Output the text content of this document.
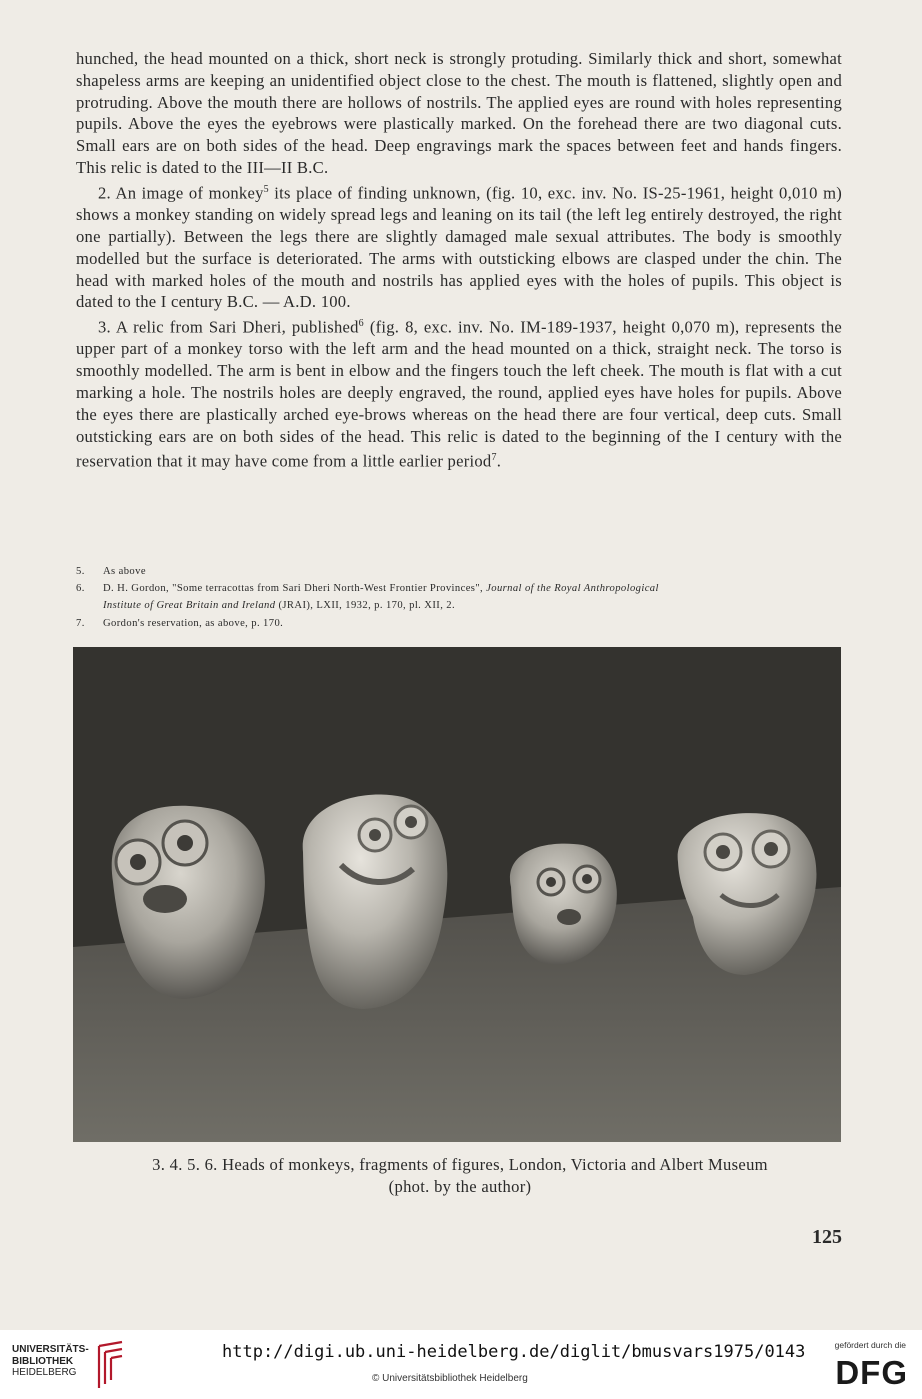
hunched, the head mounted on a thick, short neck is strongly protuding. Similarly thick and short, somewhat shapeless arms are keeping an unidentified object close to the chest. The mouth is flattened, slightly open and protruding. Above the mouth there are hollows of nostrils. The applied eyes are round with holes representing pupils. Above the eyes the eyebrows were plastically marked. On the forehead there are two diagonal cuts. Small ears are on both sides of the head. Deep engravings mark the spaces between feet and hands fingers. This relic is dated to the III—II B.C.

2. An image of monkey$^5$ its place of finding unknown, (fig. 10, exc. inv. No. IS-25-1961, height 0,010 m) shows a monkey standing on widely spread legs and leaning on its tail (the left leg entirely destroyed, the right one partially). Between the legs there are slightly damaged male sexual attributes. The body is smoothly modelled but the surface is deteriorated. The arms with outsticking elbows are clasped under the chin. The head with marked holes of the mouth and nostrils has applied eyes with the holes of pupils. This object is dated to the I century B.C. — A.D. 100.

3. A relic from Sari Dheri, published$^6$ (fig. 8, exc. inv. No. IM-189-1937, height 0,070 m), represents the upper part of a monkey torso with the left arm and the head mounted on a thick, straight neck. The torso is smoothly modelled. The arm is bent in elbow and the fingers touch the left cheek. The mouth is flat with a cut marking a hole. The nostrils holes are deeply engraved, the round, applied eyes have holes for pupils. Above the eyes there are plastically arched eye-brows whereas on the head there are four vertical, deep cuts. Small outsticking ears are on both sides of the head. This relic is dated to the beginning of the I century with the reservation that it may have come from a little earlier period$^7$.

5. As above
6. D. H. Gordon, "Some terracottas from Sari Dheri North-West Frontier Provinces", Journal of the Royal Anthropological
Institute of Great Britain and Ireland (JRAI), LXII, 1932, p. 170, pl. XII, 2.
7. Gordon's reservation, as above, p. 170.
3. 4. 5. 6. Heads of monkeys, fragments of figures, London, Victoria and Albert Museum
(phot. by the author)
125
UNIVERSITÄTS-
BIBLIOTHEK
HEIDELBERG
http://digi.ub.uni-heidelberg.de/diglit/bmusvars1975/0143
© Universitätsbibliothek Heidelberg
gefördert durch die
DFG
